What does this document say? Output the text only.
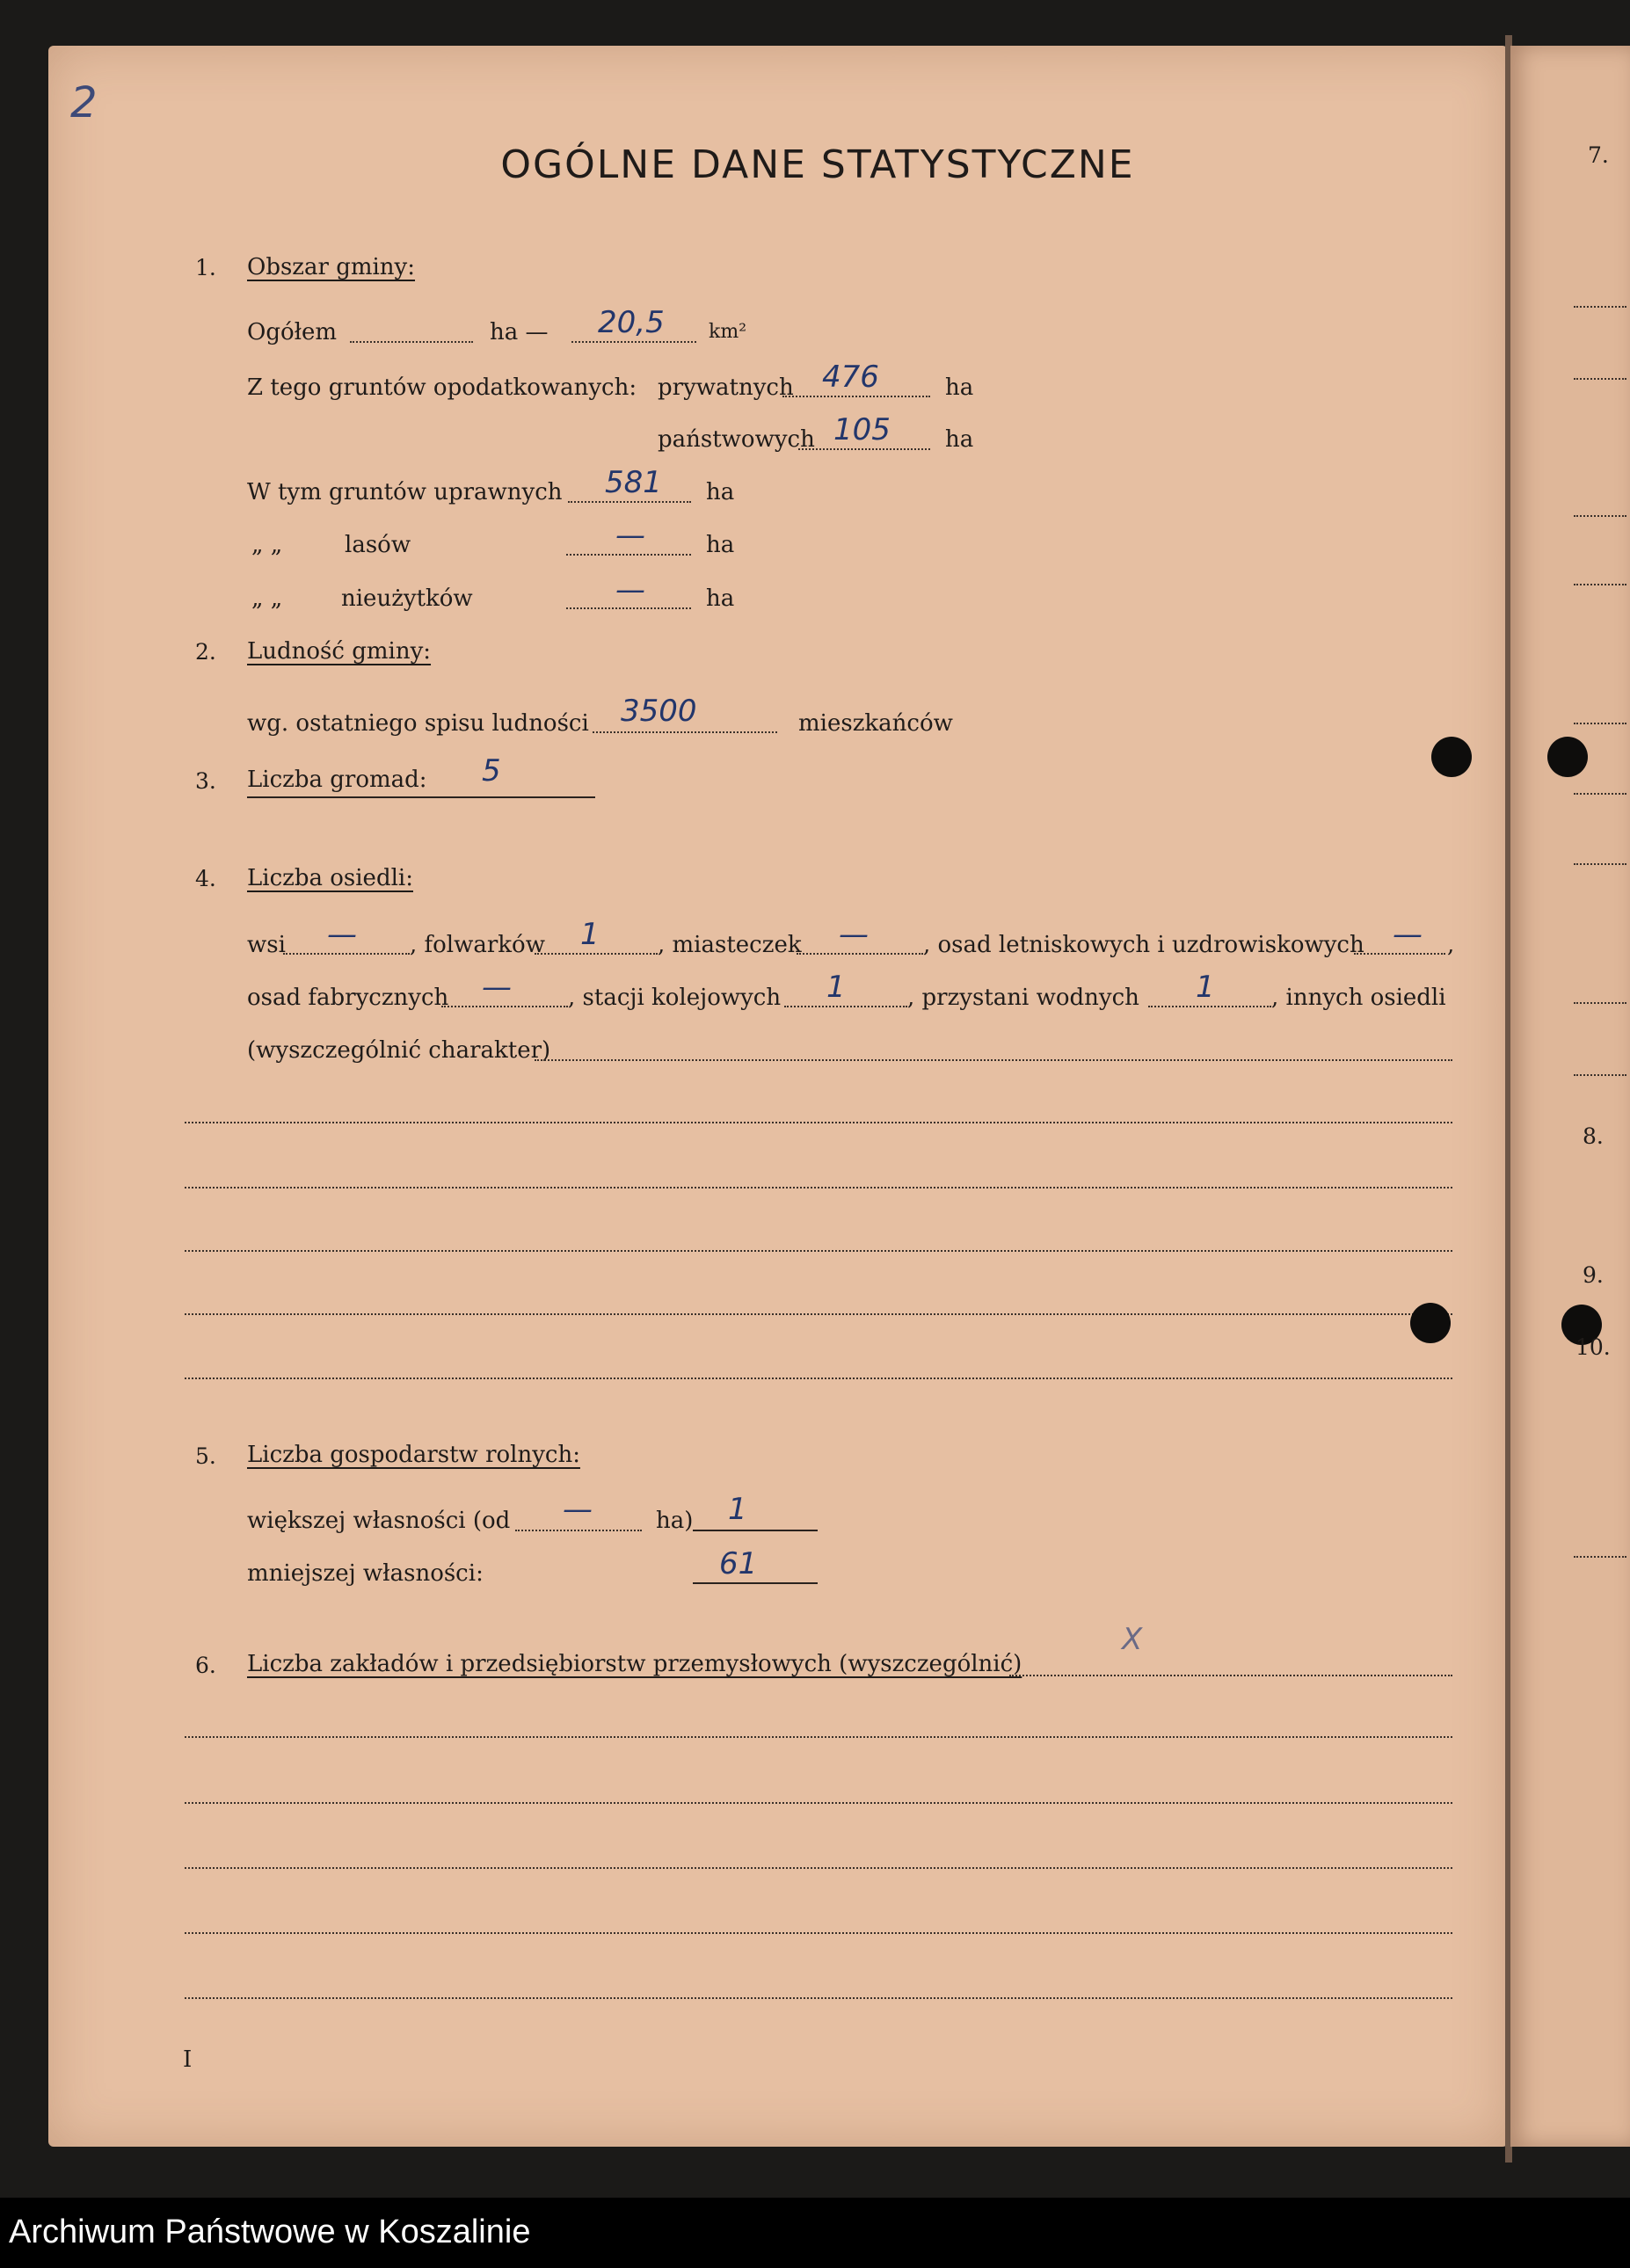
2
OGÓLNE DANE STATYSTYCZNE
1. Obszar gminy:
Ogółem	ha — 20,5 km²
Z tego gruntów opodatkowanych: prywatnych 476	ha
państwowych 105 ha
W tym gruntów uprawnych 581 ha
„ „	lasów	—	ha
„ „	nieużytków	—	ha
2. Ludność gminy:
wg. ostatniego spisu ludności 3500	mieszkańców
3. Liczba gromad: 5
4. Liczba osiedli:
wsi — , folwarków 1	, miasteczek — , osad letniskowych i uzdrowiskowych — ,
osad fabrycznych — , stacji kolejowych 1	, przystani wodnych 1 , innych osiedli
(wyszczególnić charakter)
5. Liczba gospodarstw rolnych:
większej własności (od —	ha) 1
mniejszej własności:	61
6. Liczba zakładów i przedsiębiorstw przemysłowych (wyszczególnić)
X
I
7.
8.
9.
10.
Archiwum Państwowe w Koszalinie
